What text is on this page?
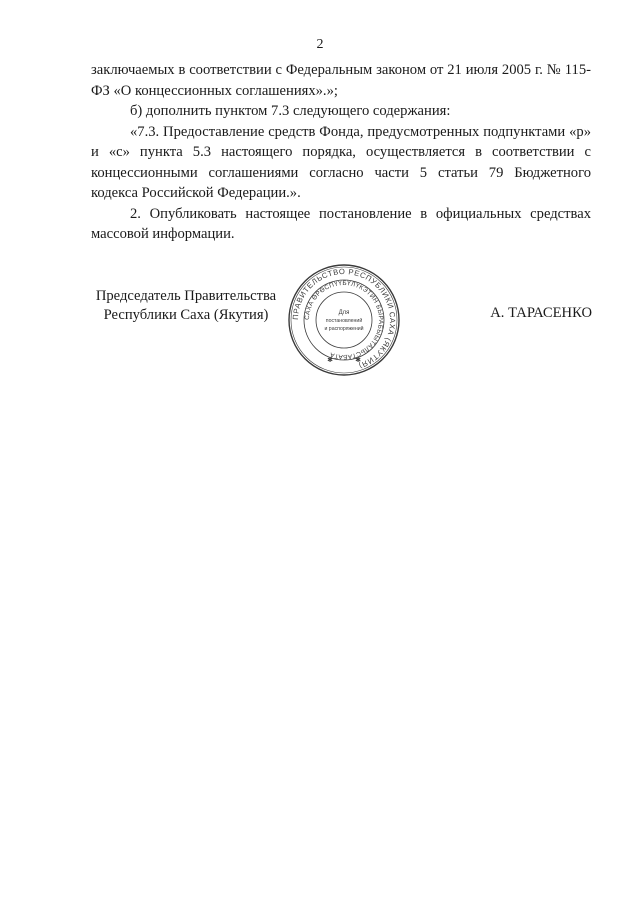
2

заключаемых в соответствии с Федеральным законом от 21 июля 2005 г. № 115-ФЗ «О концессионных соглашениях».»;

б) дополнить пунктом 7.3 следующего содержания:

«7.3. Предоставление средств Фонда, предусмотренных подпунктами «р» и «с» пункта 5.3 настоящего порядка, осуществляется в соответствии с концессионными соглашениями согласно части 5 статьи 79 Бюджетного кодекса Российской Федерации.».

2. Опубликовать настоящее постановление в официальных средствах массовой информации.

Председатель Правительства
Республики Саха (Якутия)	ПРАВИТЕЛЬСТВО РЕСПУБЛИКИ САХА (ЯКУТИЯ)
САХА ӨРӨСПҮҮБҮЛҮКЭТИН БЫРАБЫЫТАЛЬСТАБАТА
Для
постановлений
и распоряжений
✱	✱
А. ТАРАСЕНКО
